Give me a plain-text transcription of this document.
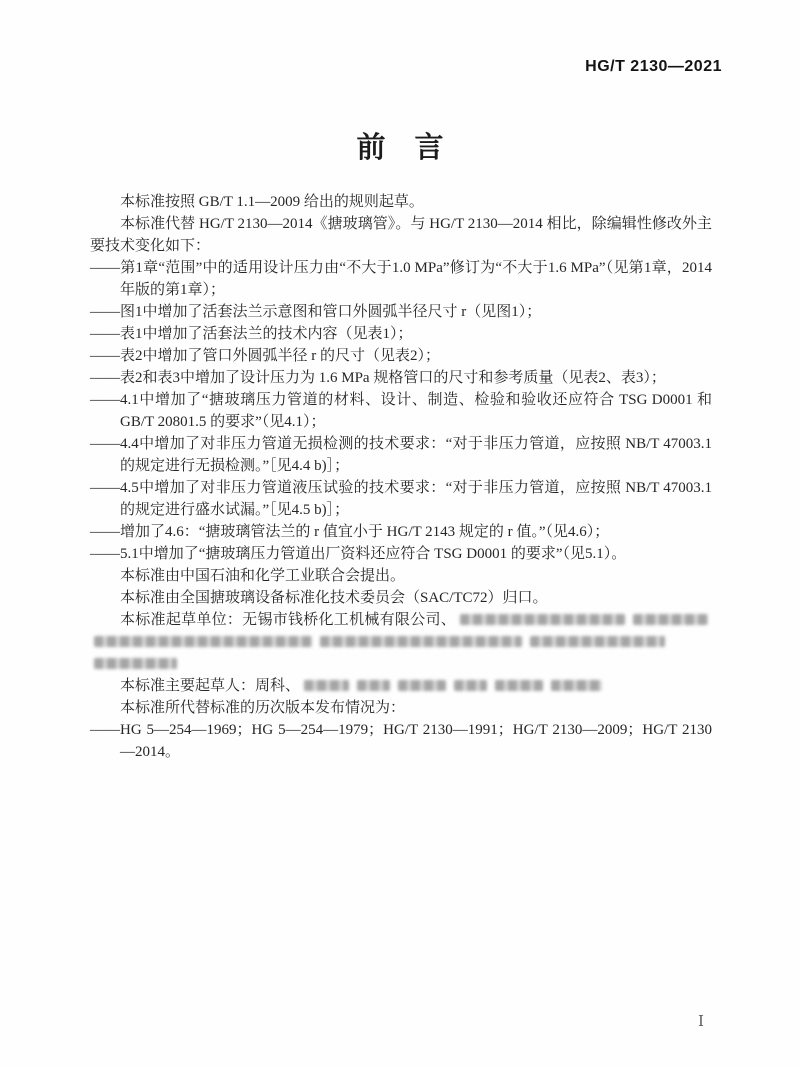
HG/T 2130—2021
前　言

本标准按照 GB/T 1.1—2009 给出的规则起草。

本标准代替 HG/T 2130—2014《搪玻璃管》。与 HG/T 2130—2014 相比，除编辑性修改外主要技术变化如下：

——第1章“范围”中的适用设计压力由“不大于1.0 MPa”修订为“不大于1.6 MPa”（见第1章，2014年版的第1章）；

——图1中增加了活套法兰示意图和管口外圆弧半径尺寸 r（见图1）；

——表1中增加了活套法兰的技术内容（见表1）；

——表2中增加了管口外圆弧半径 r 的尺寸（见表2）；

——表2和表3中增加了设计压力为 1.6 MPa 规格管口的尺寸和参考质量（见表2、表3）；

——4.1中增加了“搪玻璃压力管道的材料、设计、制造、检验和验收还应符合 TSG D0001 和 GB/T 20801.5 的要求”（见4.1）；

——4.4中增加了对非压力管道无损检测的技术要求：“对于非压力管道，应按照 NB/T 47003.1 的规定进行无损检测。”［见4.4 b)］；

——4.5中增加了对非压力管道液压试验的技术要求：“对于非压力管道，应按照 NB/T 47003.1 的规定进行盛水试漏。”［见4.5 b)］；

——增加了4.6：“搪玻璃管法兰的 r 值宜小于 HG/T 2143 规定的 r 值。”（见4.6）；

——5.1中增加了“搪玻璃压力管道出厂资料还应符合 TSG D0001 的要求”（见5.1）。

本标准由中国石油和化学工业联合会提出。

本标准由全国搪玻璃设备标准化技术委员会（SAC/TC72）归口。

本标准起草单位：无锡市钱桥化工机械有限公司、

本标准主要起草人：周科、

本标准所代替标准的历次版本发布情况为：

——HG 5—254—1969；HG 5—254—1979；HG/T 2130—1991；HG/T 2130—2009；HG/T 2130—2014。

Ⅰ
